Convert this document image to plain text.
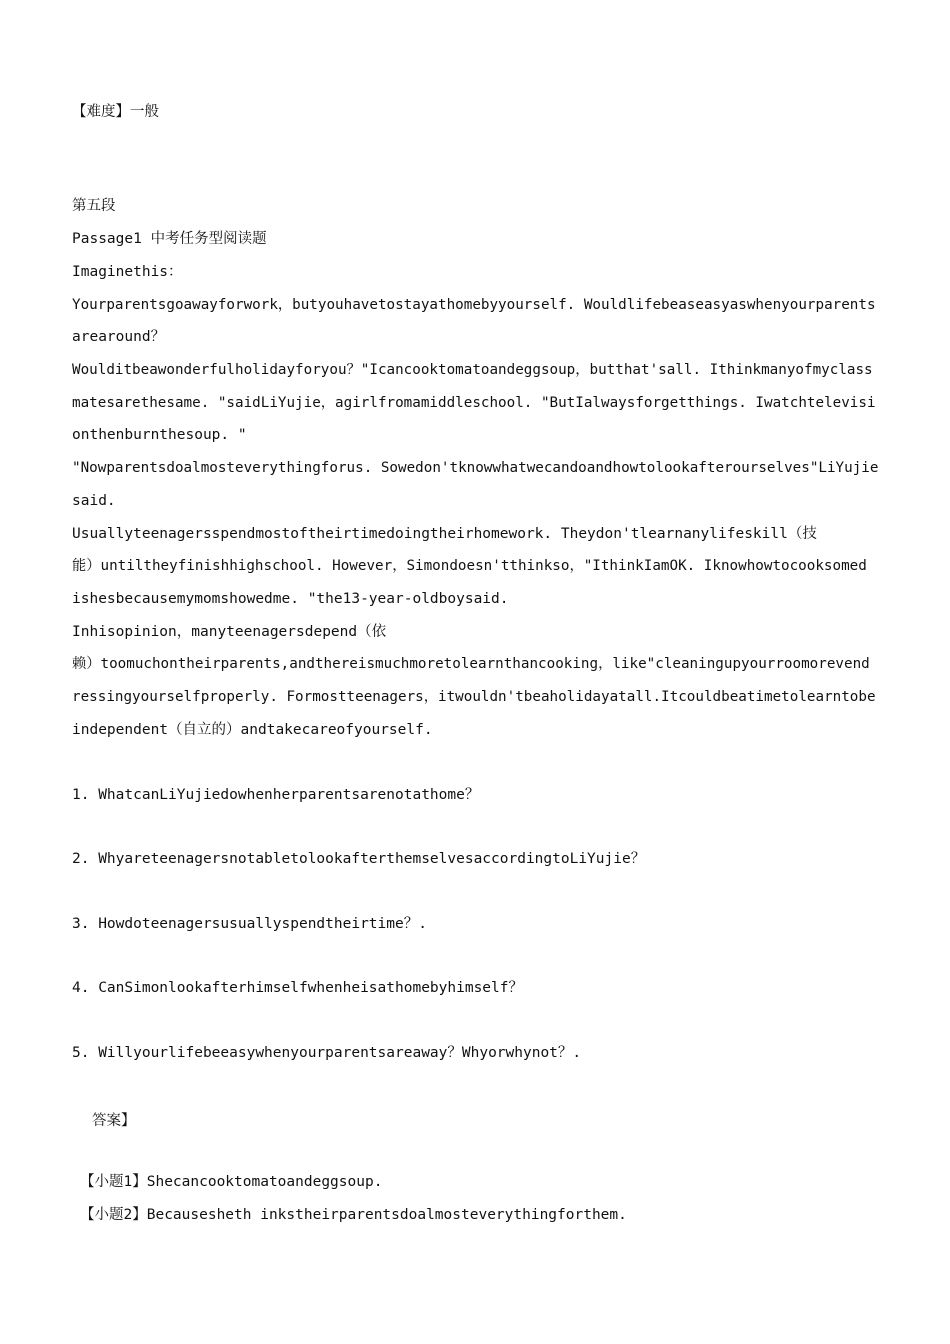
【难度】一般
第五段
Passage1 中考任务型阅读题
Imaginethis：
Yourparentsgoawayforwork，butyouhavetostayathomebyyourself. Wouldlifebeaseasyaswhenyourparents
arearound？
Woulditbeawonderfulholidayforyou？"Icancooktomatoandeggsoup，butthat'sall. Ithinkmanyofmyclass
matesarethesame. "saidLiYujie，agirlfromamiddleschool. "ButIalwaysforgetthings. Iwatchtelevisi
onthenburnthesoup. "
"Nowparentsdoalmosteverythingforus. Sowedon'tknowwhatwecandoandhowtolookafterourselves"LiYujie
said.
Usuallyteenagersspendmostoftheirtimedoingtheirhomework. Theydon'tlearnanylifeskill（技
能）untiltheyfinishhighschool. However，Simondoesn'tthinkso，"IthinkIamOK. Iknowhowtocooksomed
ishesbecausemymomshowedme. "the13-year-oldboysaid.
Inhisopinion，manyteenagersdepend（依
赖）toomuchontheirparents,andthereismuchmoretolearnthancooking，like"cleaningupyourroomorevend
ressingyourselfproperly. Formostteenagers，itwouldn'tbeaholidayatall.Itcouldbeatimetolearntobe
independent（自立的）andtakecareofyourself.
1. WhatcanLiYujiedowhenherparentsarenotathome？
2. WhyareteenagersnotabletolookafterthemselvesaccordingtoLiYujie？
3. Howdoteenagersusuallyspendtheirtime？.
4. CanSimonlookafterhimselfwhenheisathomebyhimself？
5. Willyourlifebeeasywhenyourparentsareaway？Whyorwhynot？.
答案】
【小题1】Shecancooktomatoandeggsoup.
【小题2】Becausesheth inkstheirparentsdoalmosteverythingforthem.
